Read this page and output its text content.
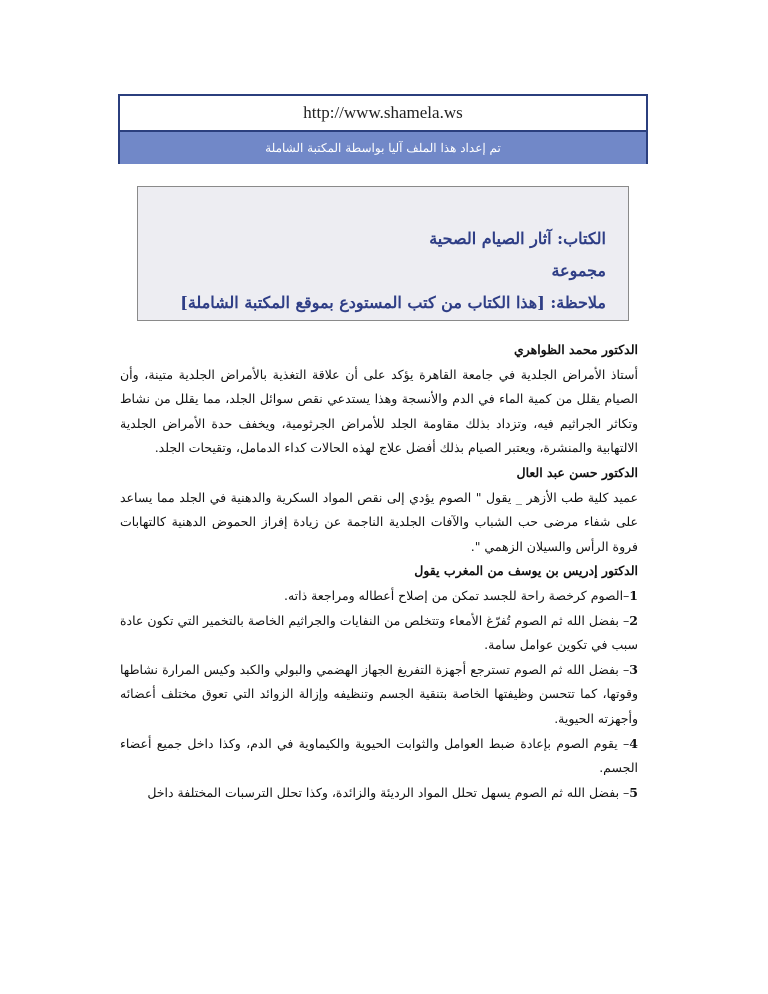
http://www.shamela.ws
تم إعداد هذا الملف آليا بواسطة المكتبة الشاملة
الكتاب: آثار الصيام الصحية
مجموعة
ملاحظة: [هذا الكتاب من كتب المستودع بموقع المكتبة الشاملة]

الدكتور محمد الظواهري

أستاذ الأمراض الجلدية في جامعة القاهرة يؤكد على أن علاقة التغذية بالأمراض الجلدية متينة، وأن الصيام يقلل من كمية الماء في الدم والأنسجة وهذا يستدعي نقص سوائل الجلد، مما يقلل من نشاط وتكاثر الجراثيم فيه، وتزداد بذلك مقاومة الجلد للأمراض الجرثومية، ويخفف حدة الأمراض الجلدية الالتهابية والمنشرة، ويعتبر الصيام بذلك أفضل علاج لهذه الحالات كداء الدمامل، وتقيحات الجلد.

الدكتور حسن عبد العال

عميد كلية طب الأزهر _ يقول " الصوم يؤدي إلى نقص المواد السكرية والدهنية في الجلد مما يساعد على شفاء مرضى حب الشباب والآفات الجلدية الناجمة عن زيادة إفراز الحموض الدهنية كالتهابات فروة الرأس والسيلان الزهمي ".

الدكتور إدريس بن يوسف من المغرب يقول

1–الصوم كرخصة راحة للجسد تمكن من إصلاح أعطاله ومراجعة ذاته.

2– بفضل الله ثم الصوم تُفرّغ الأمعاء وتتخلص من النفايات والجراثيم الخاصة بالتخمير التي تكون عادة سبب في تكوين عوامل سامة.

3– بفضل الله ثم الصوم تسترجع أجهزة التفريغ الجهاز الهضمي والبولي والكبد وكيس المرارة نشاطها وقوتها، كما تتحسن وظيفتها الخاصة بتنقية الجسم وتنظيفه وإزالة الزوائد التي تعوق مختلف أعضائه وأجهزته الحيوية.

4– يقوم الصوم بإعادة ضبط العوامل والثوابت الحيوية والكيماوية في الدم، وكذا داخل جميع أعضاء الجسم.

5– بفضل الله ثم الصوم يسهل تحلل المواد الرديئة والزائدة، وكذا تحلل الترسبات المختلفة داخل
